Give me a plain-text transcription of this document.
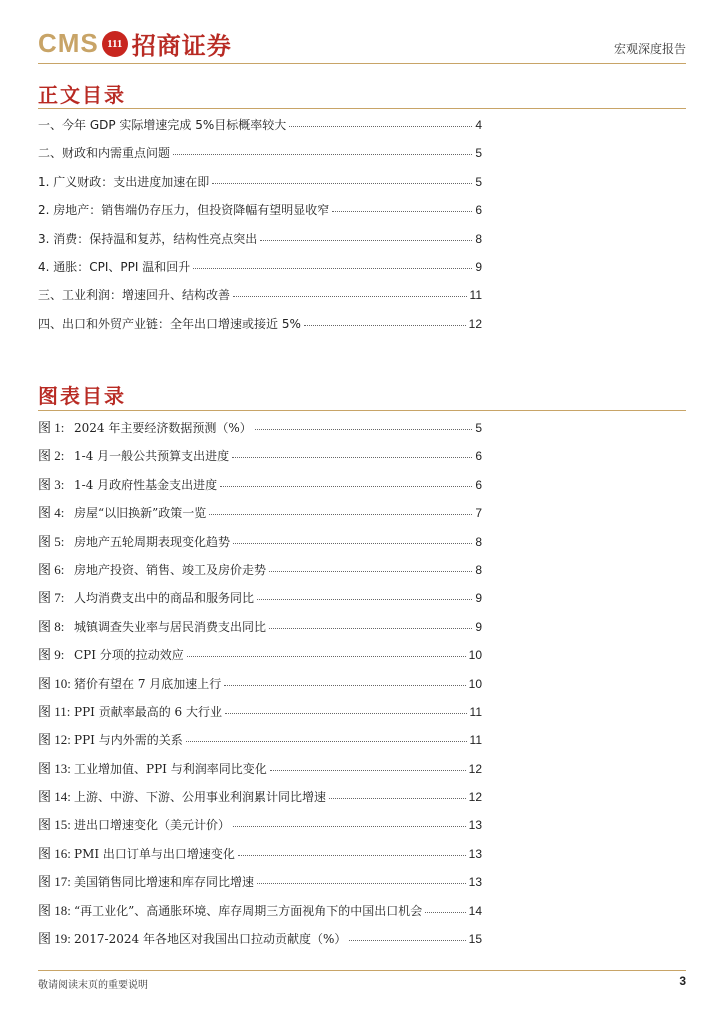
CMS 111 招商证券	宏观深度报告
正文目录
一、今年 GDP 实际增速完成 5%目标概率较大	4
二、财政和内需重点问题	5
1. 广义财政：支出进度加速在即	5
2. 房地产：销售端仍存压力，但投资降幅有望明显收窄	6
3. 消费：保持温和复苏，结构性亮点突出	8
4. 通胀：CPI、PPI 温和回升	9
三、工业利润：增速回升、结构改善	11
四、出口和外贸产业链：全年出口增速或接近 5%	12
图表目录
图 1: 2024 年主要经济数据预测（%）	5
图 2: 1-4 月一般公共预算支出进度	6
图 3: 1-4 月政府性基金支出进度	6
图 4: 房屋“以旧换新”政策一览	7
图 5: 房地产五轮周期表现变化趋势	8
图 6: 房地产投资、销售、竣工及房价走势	8
图 7: 人均消费支出中的商品和服务同比	9
图 8: 城镇调查失业率与居民消费支出同比	9
图 9: CPI 分项的拉动效应	10
图 10: 猪价有望在 7 月底加速上行	10
图 11: PPI 贡献率最高的 6 大行业	11
图 12: PPI 与内外需的关系	11
图 13: 工业增加值、PPI 与利润率同比变化	12
图 14: 上游、中游、下游、公用事业利润累计同比增速	12
图 15: 进出口增速变化（美元计价）	13
图 16: PMI 出口订单与出口增速变化	13
图 17: 美国销售同比增速和库存同比增速	13
图 18: “再工业化”、高通胀环境、库存周期三方面视角下的中国出口机会	14
图 19: 2017-2024 年各地区对我国出口拉动贡献度（%）	15
敬请阅读末页的重要说明	3
